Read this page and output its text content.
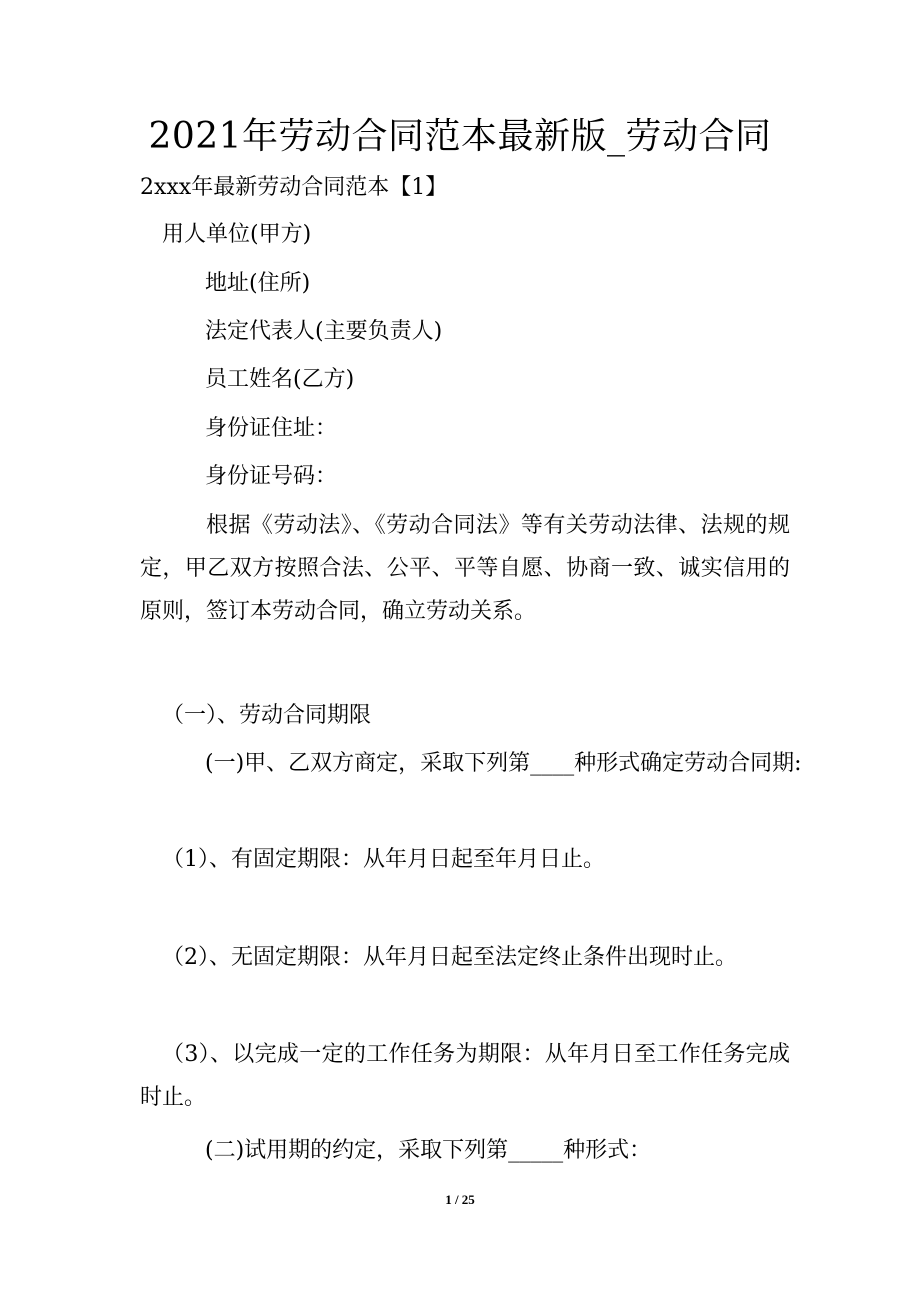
2021年劳动合同范本最新版_劳动合同
2xxx年最新劳动合同范本【1】
用人单位(甲方)
地址(住所)
法定代表人(主要负责人)
员工姓名(乙方)
身份证住址：
身份证号码：
根据《劳动法》、《劳动合同法》等有关劳动法律、法规的规定，甲乙双方按照合法、公平、平等自愿、协商一致、诚实信用的原则，签订本劳动合同，确立劳动关系。
（一）、劳动合同期限
(一)甲、乙双方商定，采取下列第____种形式确定劳动合同期:
（1）、有固定期限：从年月日起至年月日止。
（2）、无固定期限：从年月日起至法定终止条件出现时止。
（3）、以完成一定的工作任务为期限：从年月日至工作任务完成时止。
(二)试用期的约定，采取下列第_____种形式：
1 / 25
